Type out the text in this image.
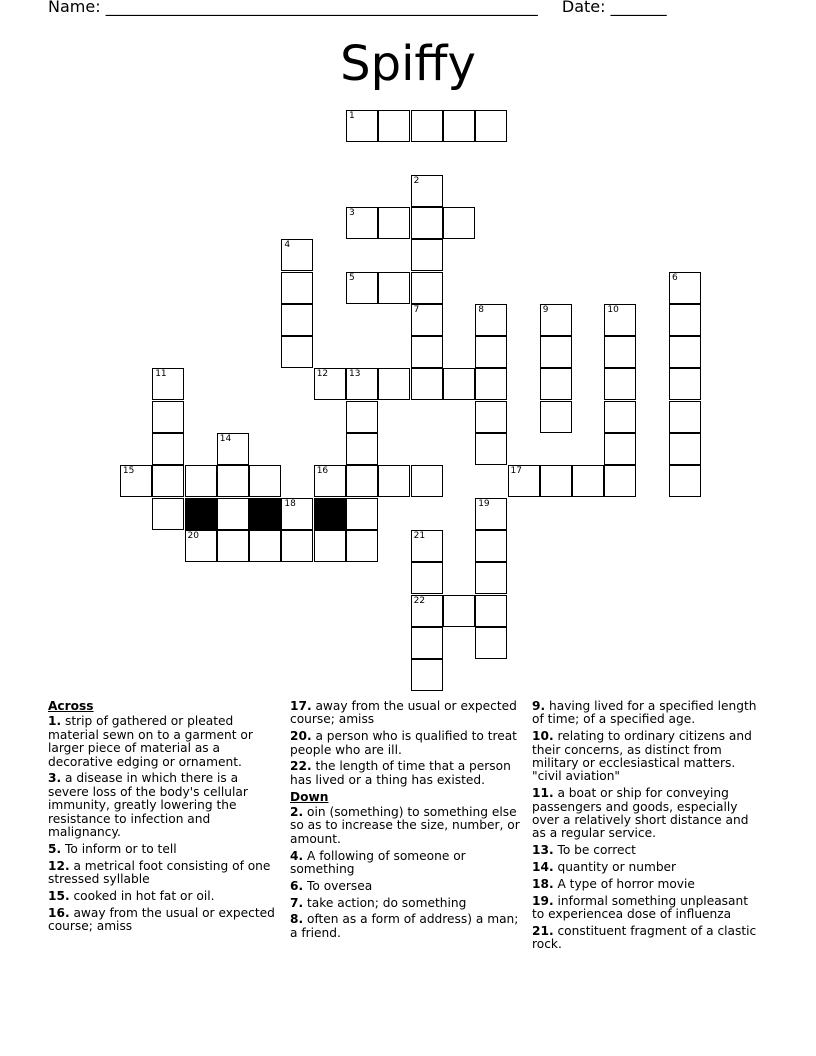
Name: ______________________________________________________ Date: _______
Spiffy
1
2
3
4
5	6
7	8	9	10
11	12 13
14
15	16	17
18	19
20	21
22
Across
1. strip of gathered or pleated material sewn on to a garment or larger piece of material as a decorative edging or ornament.
3. a disease in which there is a severe loss of the body's cellular immunity, greatly lowering the resistance to infection and malignancy.
5. To inform or to tell
12. a metrical foot consisting of one stressed syllable
15. cooked in hot fat or oil.
16. away from the usual or expected course; amiss
17. away from the usual or expected course; amiss
20. a person who is qualified to treat people who are ill.
22. the length of time that a person has lived or a thing has existed.
Down
2. oin (something) to something else so as to increase the size, number, or amount.
4. A following of someone or something
6. To oversea
7. take action; do something
8. often as a form of address) a man; a friend.
9. having lived for a specified length of time; of a specified age.
10. relating to ordinary citizens and their concerns, as distinct from military or ecclesiastical matters. "civil aviation"
11. a boat or ship for conveying passengers and goods, especially over a relatively short distance and as a regular service.
13. To be correct
14. quantity or number
18. A type of horror movie
19. informal something unpleasant to experiencea dose of influenza
21. constituent fragment of a clastic rock.
